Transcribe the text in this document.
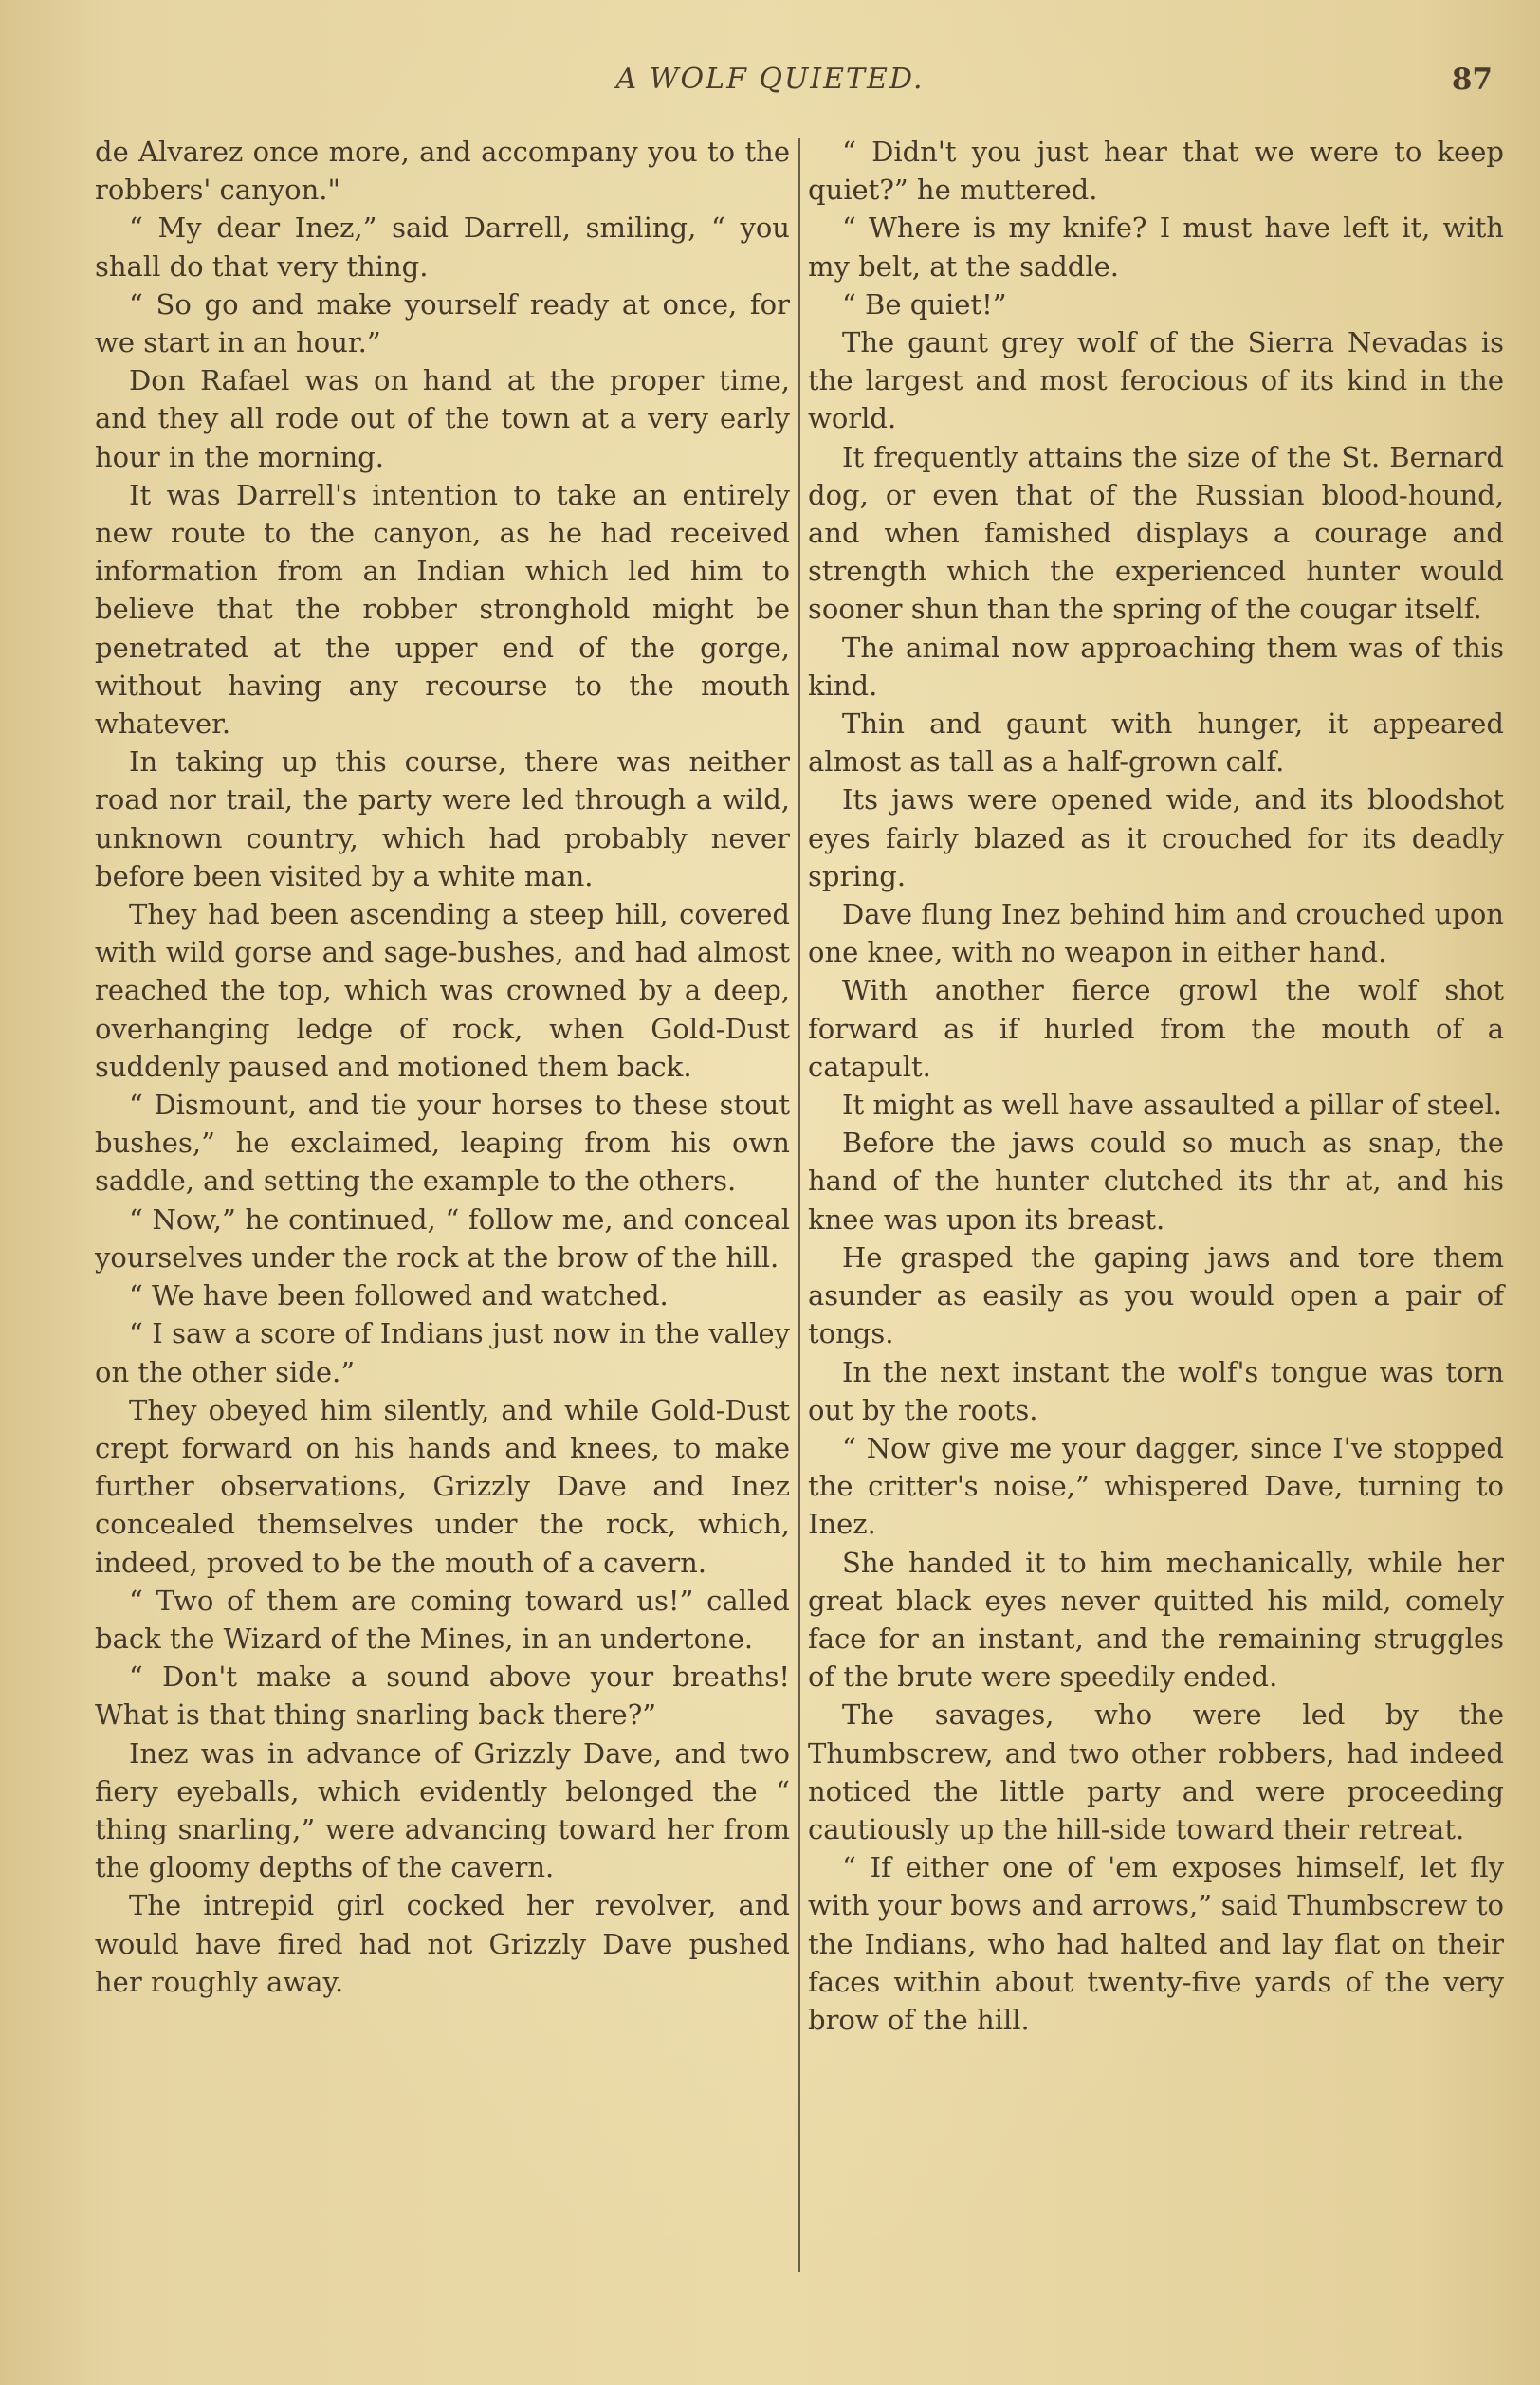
A WOLF QUIETED.	87

de Alvarez once more, and accompany you to the robbers' canyon."

“ My dear Inez,” said Darrell, smiling, “ you shall do that very thing.

“ So go and make yourself ready at once, for we start in an hour.”

Don Rafael was on hand at the proper time, and they all rode out of the town at a very early hour in the morning.

It was Darrell's intention to take an entirely new route to the canyon, as he had received information from an Indian which led him to believe that the robber stronghold might be penetrated at the upper end of the gorge, without having any recourse to the mouth whatever.

In taking up this course, there was neither road nor trail, the party were led through a wild, unknown country, which had probably never before been visited by a white man.

They had been ascending a steep hill, covered with wild gorse and sage-bushes, and had almost reached the top, which was crowned by a deep, overhanging ledge of rock, when Gold-Dust suddenly paused and motioned them back.

“ Dismount, and tie your horses to these stout bushes,” he exclaimed, leaping from his own saddle, and setting the example to the others.

“ Now,” he continued, “ follow me, and conceal yourselves under the rock at the brow of the hill.

“ We have been followed and watched.

“ I saw a score of Indians just now in the valley on the other side.”

They obeyed him silently, and while Gold-Dust crept forward on his hands and knees, to make further observations, Grizzly Dave and Inez concealed themselves under the rock, which, indeed, proved to be the mouth of a cavern.

“ Two of them are coming toward us!” called back the Wizard of the Mines, in an undertone.

“ Don't make a sound above your breaths! What is that thing snarling back there?”

Inez was in advance of Grizzly Dave, and two fiery eyeballs, which evidently belonged the “ thing snarling,” were advancing toward her from the gloomy depths of the cavern.

The intrepid girl cocked her revolver, and would have fired had not Grizzly Dave pushed her roughly away.

“ Didn't you just hear that we were to keep quiet?” he muttered.

“ Where is my knife? I must have left it, with my belt, at the saddle.

“ Be quiet!”

The gaunt grey wolf of the Sierra Nevadas is the largest and most ferocious of its kind in the world.

It frequently attains the size of the St. Bernard dog, or even that of the Russian blood-hound, and when famished displays a courage and strength which the experienced hunter would sooner shun than the spring of the cougar itself.

The animal now approaching them was of this kind.

Thin and gaunt with hunger, it appeared almost as tall as a half-grown calf.

Its jaws were opened wide, and its bloodshot eyes fairly blazed as it crouched for its deadly spring.

Dave flung Inez behind him and crouched upon one knee, with no weapon in either hand.

With another fierce growl the wolf shot forward as if hurled from the mouth of a catapult.

It might as well have assaulted a pillar of steel.

Before the jaws could so much as snap, the hand of the hunter clutched its thr at, and his knee was upon its breast.

He grasped the gaping jaws and tore them asunder as easily as you would open a pair of tongs.

In the next instant the wolf's tongue was torn out by the roots.

“ Now give me your dagger, since I've stopped the critter's noise,” whispered Dave, turning to Inez.

She handed it to him mechanically, while her great black eyes never quitted his mild, comely face for an instant, and the remaining struggles of the brute were speedily ended.

The savages, who were led by the Thumbscrew, and two other robbers, had indeed noticed the little party and were proceeding cautiously up the hill-side toward their retreat.

“ If either one of 'em exposes himself, let fly with your bows and arrows,” said Thumbscrew to the Indians, who had halted and lay flat on their faces within about twenty-five yards of the very brow of the hill.
